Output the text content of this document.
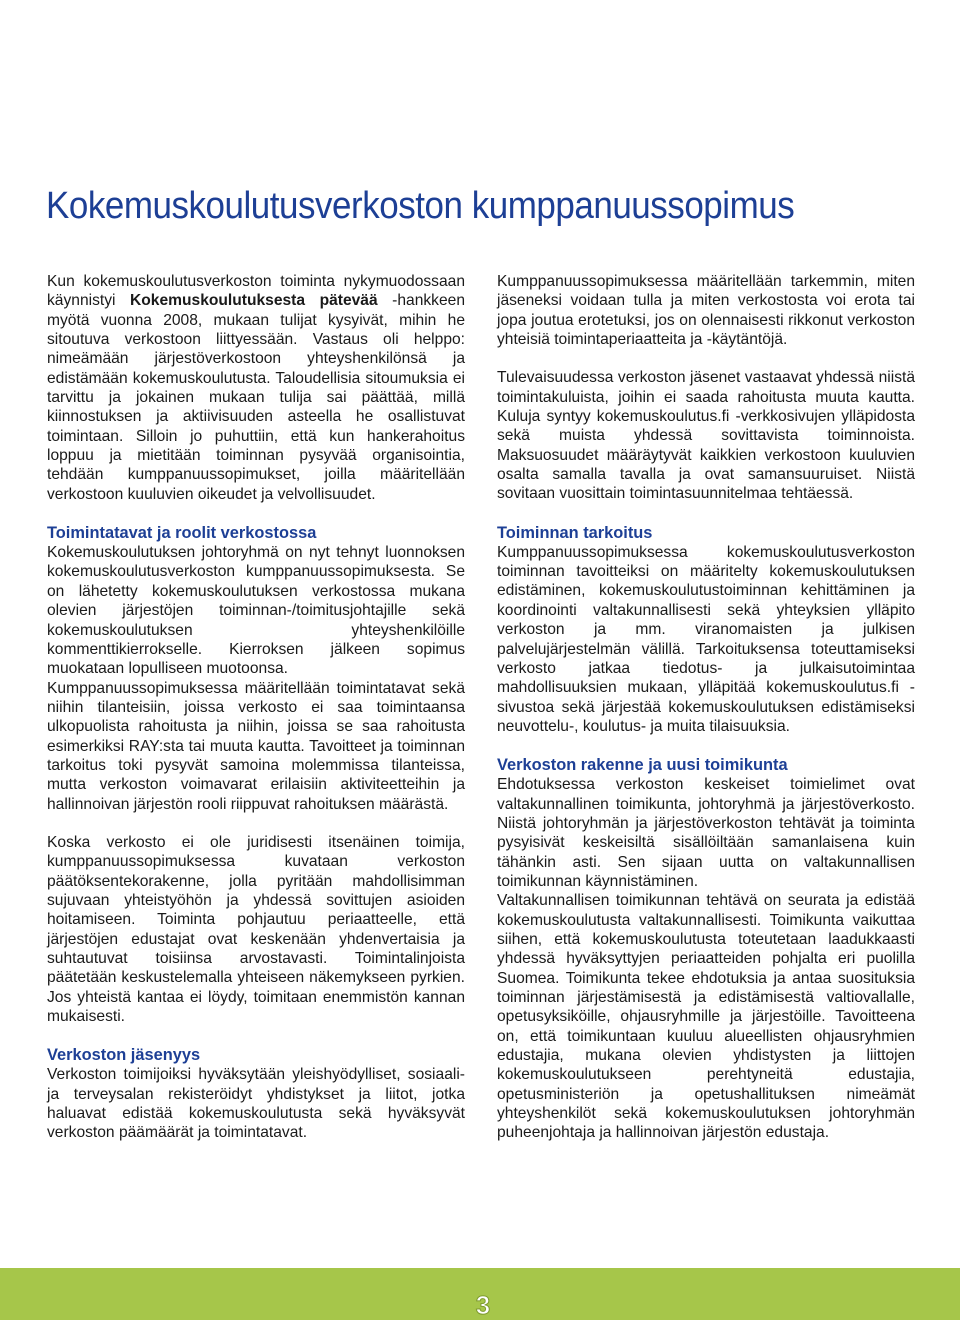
Kokemuskoulutusverkoston kumppanuussopimus

Kun kokemuskoulutusverkoston toiminta nykymuodossaan käynnistyi Kokemuskoulutuksesta pätevää -hankkeen myötä vuonna 2008, mukaan tulijat kysyivät, mihin he sitoutuva verkostoon liittyessään. Vastaus oli helppo: nimeämään järjestöverkostoon yhteyshenkilönsä ja edistämään kokemuskoulutusta. Taloudellisia sitoumuksia ei tarvittu ja jokainen mukaan tulija sai päättää, millä kiinnostuksen ja aktiivisuuden asteella he osallistuvat toimintaan. Silloin jo puhuttiin, että kun hankerahoitus loppuu ja mietitään toiminnan pysyvää organisointia, tehdään kumppanuussopimukset, joilla määritellään verkostoon kuuluvien oikeudet ja velvollisuudet.

Toimintatavat ja roolit verkostossa

Kokemuskoulutuksen johtoryhmä on nyt tehnyt luonnoksen kokemuskoulutusverkoston kumppanuussopimuksesta. Se on lähetetty kokemuskoulutuksen verkostossa mukana olevien järjestöjen toiminnan-/toimitusjohtajille sekä kokemuskoulutuksen yhteyshenkilöille kommenttikierrokselle. Kierroksen jälkeen sopimus muokataan lopulliseen muotoonsa.

Kumppanuussopimuksessa määritellään toimintatavat sekä niihin tilanteisiin, joissa verkosto ei saa toimintaansa ulkopuolista rahoitusta ja niihin, joissa se saa rahoitusta esimerkiksi RAY:sta tai muuta kautta. Tavoitteet ja toiminnan tarkoitus toki pysyvät samoina molemmissa tilanteissa, mutta verkoston voimavarat erilaisiin aktiviteetteihin ja hallinnoivan järjestön rooli riippuvat rahoituksen määrästä.

Koska verkosto ei ole juridisesti itsenäinen toimija, kumppanuussopimuksessa kuvataan verkoston päätöksentekorakenne, jolla pyritään mahdollisimman sujuvaan yhteistyöhön ja yhdessä sovittujen asioiden hoitamiseen. Toiminta pohjautuu periaatteelle, että järjestöjen edustajat ovat keskenään yhdenvertaisia ja suhtautuvat toisiinsa arvostavasti. Toimintalinjoista päätetään keskustelemalla yhteiseen näkemykseen pyrkien. Jos yhteistä kantaa ei löydy, toimitaan enemmistön kannan mukaisesti.

Verkoston jäsenyys

Verkoston toimijoiksi hyväksytään yleishyödylliset, sosiaali- ja terveysalan rekisteröidyt yhdistykset ja liitot, jotka haluavat edistää kokemuskoulutusta sekä hyväksyvät verkoston päämäärät ja toimintatavat.

Kumppanuussopimuksessa määritellään tarkemmin, miten jäseneksi voidaan tulla ja miten verkostosta voi erota tai jopa joutua erotetuksi, jos on olennaisesti rikkonut verkoston yhteisiä toimintaperiaatteita ja -käytäntöjä.

Tulevaisuudessa verkoston jäsenet vastaavat yhdessä niistä toimintakuluista, joihin ei saada rahoitusta muuta kautta. Kuluja syntyy kokemuskoulutus.fi -verkkosivujen ylläpidosta sekä muista yhdessä sovittavista toiminnoista. Maksuosuudet määräytyvät kaikkien verkostoon kuuluvien osalta samalla tavalla ja ovat samansuuruiset. Niistä sovitaan vuosittain toimintasuunnitelmaa tehtäessä.

Toiminnan tarkoitus

Kumppanuussopimuksessa kokemuskoulutusverkoston toiminnan tavoitteiksi on määritelty kokemuskoulutuksen edistäminen, kokemuskoulutustoiminnan kehittäminen ja koordinointi valtakunnallisesti sekä yhteyksien ylläpito verkoston ja mm. viranomaisten ja julkisen palvelujärjestelmän välillä. Tarkoituksensa toteuttamiseksi verkosto jatkaa tiedotus- ja julkaisutoimintaa mahdollisuuksien mukaan, ylläpitää kokemuskoulutus.fi -sivustoa sekä järjestää kokemuskoulutuksen edistämiseksi neuvottelu-, koulutus- ja muita tilaisuuksia.

Verkoston rakenne ja uusi toimikunta

Ehdotuksessa verkoston keskeiset toimielimet ovat valtakunnallinen toimikunta, johtoryhmä ja järjestöverkosto. Niistä johtoryhmän ja järjestöverkoston tehtävät ja toiminta pysyisivät keskeisiltä sisällöiltään samanlaisena kuin tähänkin asti. Sen sijaan uutta on valtakunnallisen toimikunnan käynnistäminen.

Valtakunnallisen toimikunnan tehtävä on seurata ja edistää kokemuskoulutusta valtakunnallisesti. Toimikunta vaikuttaa siihen, että kokemuskoulutusta toteutetaan laadukkaasti yhdessä hyväksyttyjen periaatteiden pohjalta eri puolilla Suomea. Toimikunta tekee ehdotuksia ja antaa suosituksia toiminnan järjestämisestä ja edistämisestä valtiovallalle, opetusyksiköille, ohjausryhmille ja järjestöille. Tavoitteena on, että toimikuntaan kuuluu alueellisten ohjausryhmien edustajia, mukana olevien yhdistysten ja liittojen kokemuskoulutukseen perehtyneitä edustajia, opetusministeriön ja opetushallituksen nimeämät yhteyshenkilöt sekä kokemuskoulutuksen johtoryhmän puheenjohtaja ja hallinnoivan järjestön edustaja.

3
